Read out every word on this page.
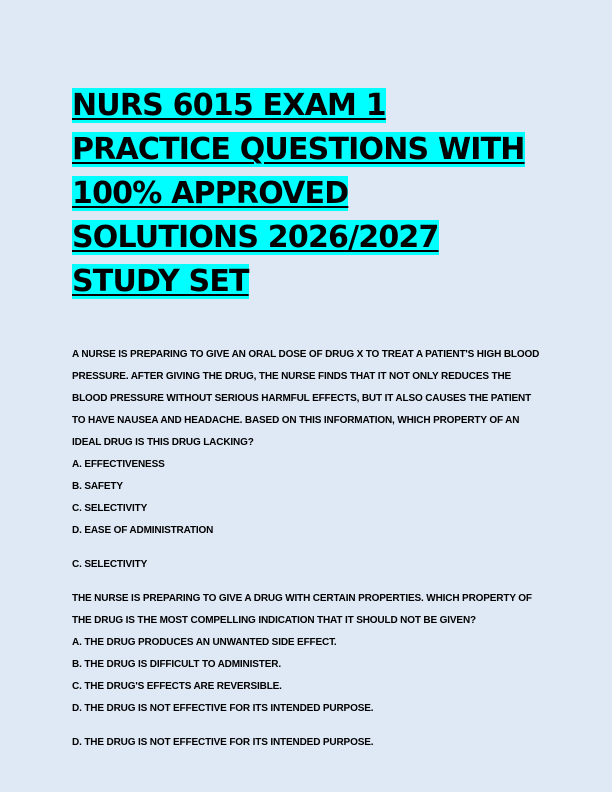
NURS 6015 EXAM 1 PRACTICE QUESTIONS WITH 100% APPROVED SOLUTIONS 2026/2027 STUDY SET
A NURSE IS PREPARING TO GIVE AN ORAL DOSE OF DRUG X TO TREAT A PATIENT'S HIGH BLOOD PRESSURE. AFTER GIVING THE DRUG, THE NURSE FINDS THAT IT NOT ONLY REDUCES THE BLOOD PRESSURE WITHOUT SERIOUS HARMFUL EFFECTS, BUT IT ALSO CAUSES THE PATIENT TO HAVE NAUSEA AND HEADACHE. BASED ON THIS INFORMATION, WHICH PROPERTY OF AN IDEAL DRUG IS THIS DRUG LACKING?
A. EFFECTIVENESS
B. SAFETY
C. SELECTIVITY
D. EASE OF ADMINISTRATION
C. SELECTIVITY
THE NURSE IS PREPARING TO GIVE A DRUG WITH CERTAIN PROPERTIES. WHICH PROPERTY OF THE DRUG IS THE MOST COMPELLING INDICATION THAT IT SHOULD NOT BE GIVEN?
A. THE DRUG PRODUCES AN UNWANTED SIDE EFFECT.
B. THE DRUG IS DIFFICULT TO ADMINISTER.
C. THE DRUG'S EFFECTS ARE REVERSIBLE.
D. THE DRUG IS NOT EFFECTIVE FOR ITS INTENDED PURPOSE.
D. THE DRUG IS NOT EFFECTIVE FOR ITS INTENDED PURPOSE.
